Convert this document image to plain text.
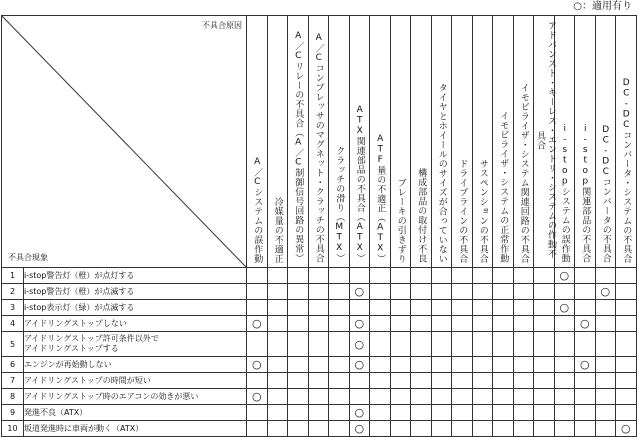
○：適用有り
不具合原因
不具合現象		A／Cシステムの誤作動	冷媒量の不適正	A／Cリレーの不具合（A／C制御信号回路の異常）	A／Cコンプレッサのマグネット・クラッチの不具合	クラッチの滑り（MTX）	ATX関連部品の不具合（ATX）	ATF量の不適正（ATX）	ブレーキの引きずり	構成部品の取付け不良	タイヤとホイールのサイズが合っていない	ドライブラインの不具合	サスペンションの不具合	イモビライザ・システムの正常作動	イモビライザ・システム関連回路の不具合	アドバンスト・キーレス・エントリ・システムの作動不具合	i-stopシステムの誤作動	i-stop関連部品の不具合	DC-DCコンバータの不具合	DC-DCコンバータ・システムの不具合
1	i-stop警告灯（橙）が点灯する																○			
2	i-stop警告灯（橙）が点滅する						○												○	
3	i-stop表示灯（緑）が点滅する																○			
4	アイドリングストップしない	○					○											○		
5	アイドリングストップ許可条件以外で
アイドリングストップする						○													
6	エンジンが再始動しない	○					○											○		
7	アイドリングストップの時間が短い																			
8	アイドリングストップ時のエアコンの効きが悪い	○																		
9	発進不良（ATX）						○													
10	坂道発進時に車両が動く（ATX）						○													○
